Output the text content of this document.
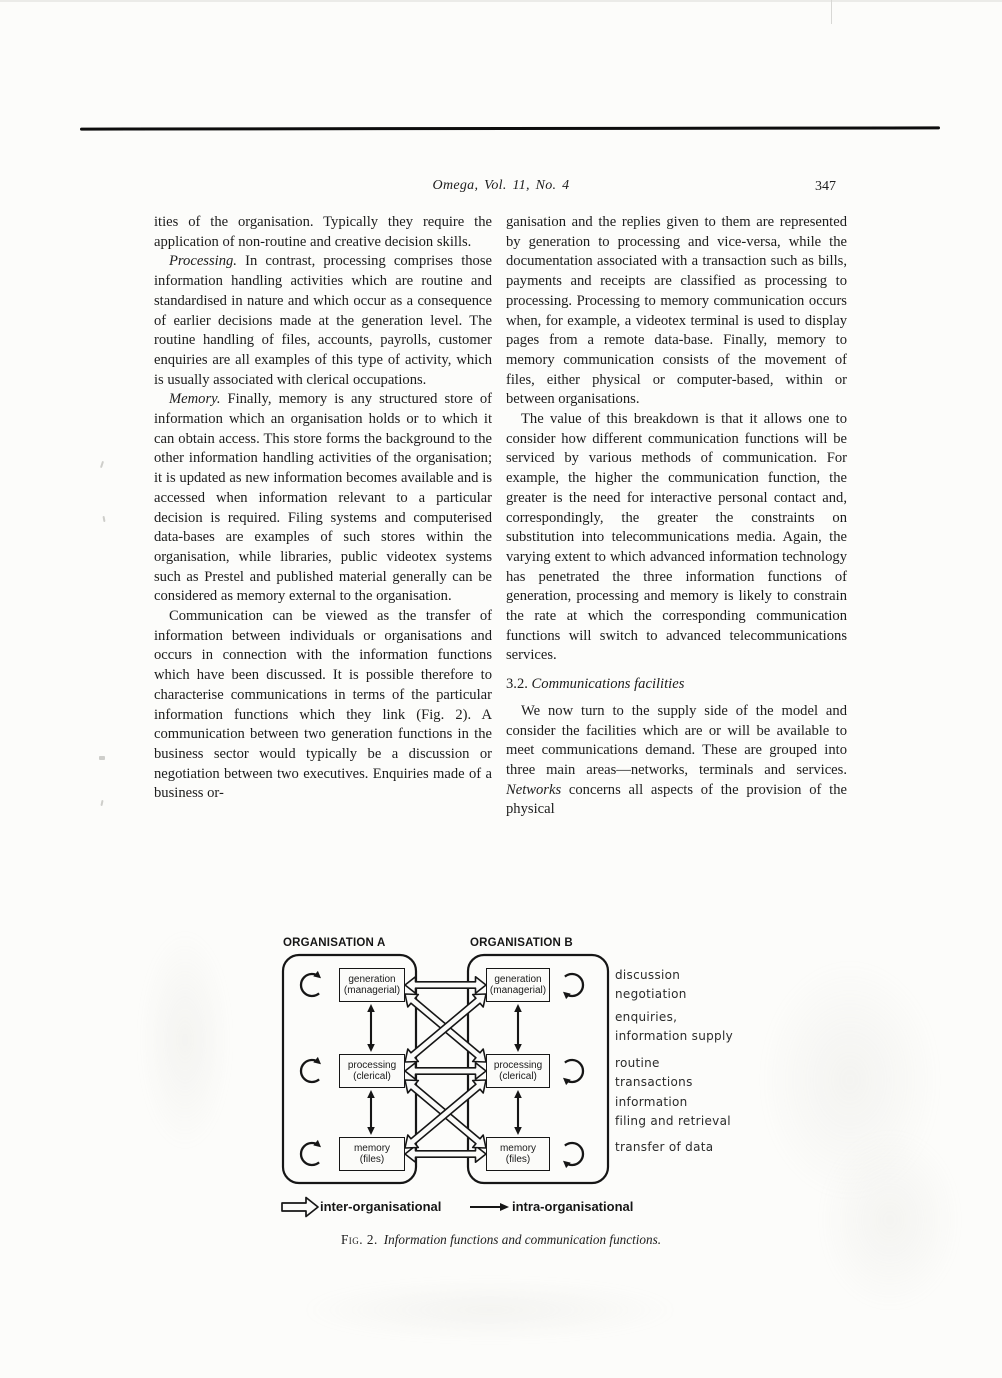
Omega, Vol. 11, No. 4	347

ities of the organisation. Typically they require the application of non-routine and creative decision skills.

Processing. In contrast, processing comprises those information handling activities which are routine and standardised in nature and which occur as a consequence of earlier decisions made at the generation level. The routine handling of files, accounts, payrolls, customer enquiries are all examples of this type of activity, which is usually associated with clerical occupations.

Memory. Finally, memory is any structured store of information which an organisation holds or to which it can obtain access. This store forms the background to the other information handling activities of the organisation; it is updated as new information becomes available and is accessed when information relevant to a particular decision is required. Filing systems and computerised data-bases are examples of such stores within the organisation, while libraries, public videotex systems such as Prestel and published material generally can be considered as memory external to the organisation.

Communication can be viewed as the transfer of information between individuals or organisations and occurs in connection with the information functions which have been discussed. It is possible therefore to characterise communications in terms of the particular information functions which they link (Fig. 2). A communication between two generation functions in the business sector would typically be a discussion or negotiation between two executives. Enquiries made of a business or-

ganisation and the replies given to them are represented by generation to processing and vice-versa, while the documentation associated with a transaction such as bills, payments and receipts are classified as processing to processing. Processing to memory communication occurs when, for example, a videotex terminal is used to display pages from a remote data-base. Finally, memory to memory communication consists of the movement of files, either physical or computer-based, within or between organisations.

The value of this breakdown is that it allows one to consider how different communication functions will be serviced by various methods of communication. For example, the higher the communication function, the greater is the need for interactive personal contact and, correspondingly, the greater the constraints on substitution into telecommunications media. Again, the varying extent to which advanced information technology has penetrated the three information functions of generation, processing and memory is likely to constrain the rate at which the corresponding communication functions will switch to advanced telecommunications services.

3.2. Communications facilities

We now turn to the supply side of the model and consider the facilities which are or will be available to meet communications demand. These are grouped into three main areas—networks, terminals and services. Networks concerns all aspects of the provision of the physical

ORGANISATION A	ORGANISATION B
generation
(managerial)
processing
(clerical)
memory
(files)
generation
(managerial)
processing
(clerical)
memory
(files)
discussion
negotiation
enquiries,
information supply
routine
transactions
information
filing and retrieval
transfer of data
inter-organisational	intra-organisational
Fig. 2. Information functions and communication functions.
